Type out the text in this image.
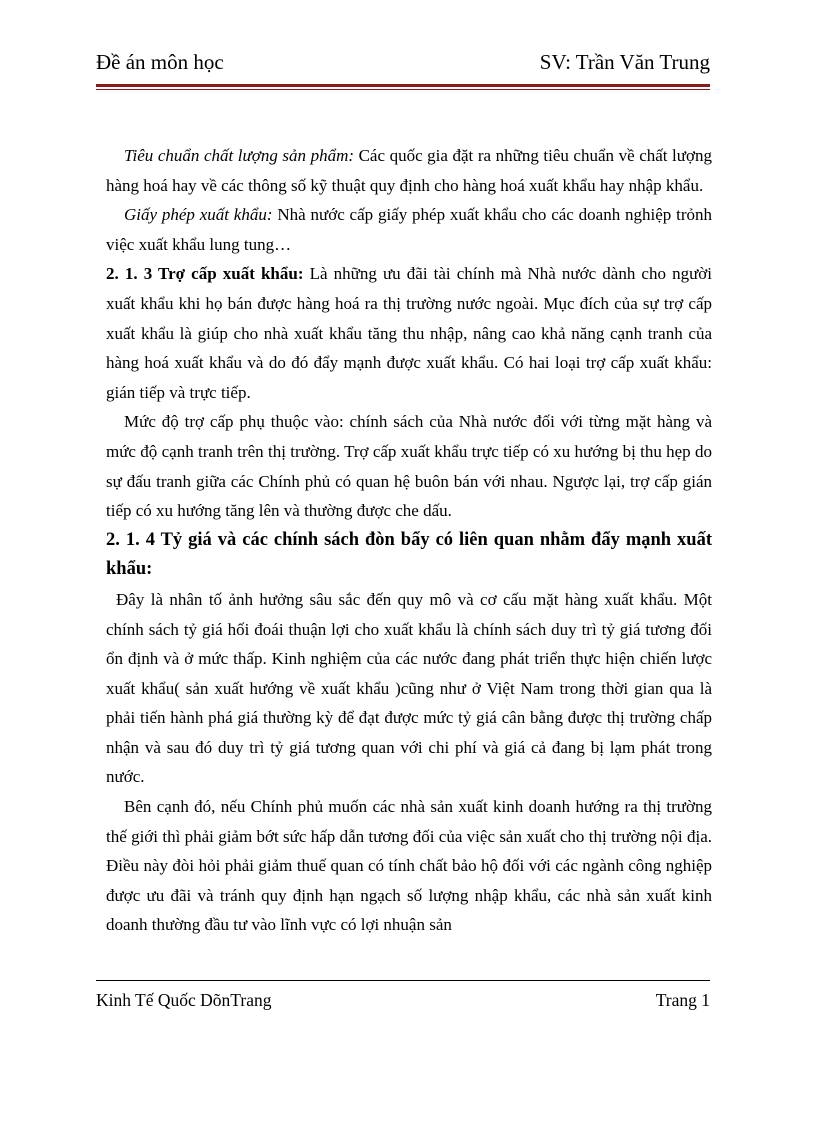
Đề án môn học	SV: Trần Văn Trung

Tiêu chuẩn chất lượng sản phẩm: Các quốc gia đặt ra những tiêu chuẩn về chất lượng hàng hoá hay về các thông số kỹ thuật quy định cho hàng hoá xuất khẩu hay nhập khẩu.

Giấy phép xuất khẩu: Nhà nước cấp giấy phép xuất khẩu cho các doanh nghiệp trỏnh việc xuất khẩu lung tung…

2. 1. 3 Trợ cấp xuất khẩu: Là những ưu đãi tài chính mà Nhà nước dành cho người xuất khẩu khi họ bán được hàng hoá ra thị trường nước ngoài. Mục đích của sự trợ cấp xuất khẩu là giúp cho nhà xuất khẩu tăng thu nhập, nâng cao khả năng cạnh tranh của hàng hoá xuất khẩu và do đó đẩy mạnh được xuất khẩu. Có hai loại trợ cấp xuất khẩu: gián tiếp và trực tiếp.

Mức độ trợ cấp phụ thuộc vào: chính sách của Nhà nước đối với từng mặt hàng và mức độ cạnh tranh trên thị trường. Trợ cấp xuất khẩu trực tiếp có xu hướng bị thu hẹp do sự đấu tranh giữa các Chính phủ có quan hệ buôn bán với nhau. Ngược lại, trợ cấp gián tiếp có xu hướng tăng lên và thường được che dấu.

2. 1. 4 Tỷ giá và các chính sách đòn bẩy có liên quan nhằm đẩy mạnh xuất khẩu:

Đây là nhân tố ảnh hưởng sâu sắc đến quy mô và cơ cấu mặt hàng xuất khẩu. Một chính sách tỷ giá hối đoái thuận lợi cho xuất khẩu là chính sách duy trì tỷ giá tương đối ổn định và ở mức thấp. Kinh nghiệm của các nước đang phát triển thực hiện chiến lược xuất khẩu( sản xuất hướng về xuất khẩu )cũng như ở Việt Nam trong thời gian qua là phải tiến hành phá giá thường kỳ để đạt được mức tỷ giá cân bằng được thị trường chấp nhận và sau đó duy trì tỷ giá tương quan với chi phí và giá cả đang bị lạm phát trong nước.

Bên cạnh đó, nếu Chính phủ muốn các nhà sản xuất kinh doanh hướng ra thị trường thế giới thì phải giảm bớt sức hấp dẫn tương đối của việc sản xuất cho thị trường nội địa. Điều này đòi hỏi phải giảm thuế quan có tính chất bảo hộ đối với các ngành công nghiệp được ưu đãi và tránh quy định hạn ngạch số lượng nhập khẩu, các nhà sản xuất kinh doanh thường đầu tư vào lĩnh vực có lợi nhuận sản

Kinh Tế Quốc DõnTrang	Trang 1
